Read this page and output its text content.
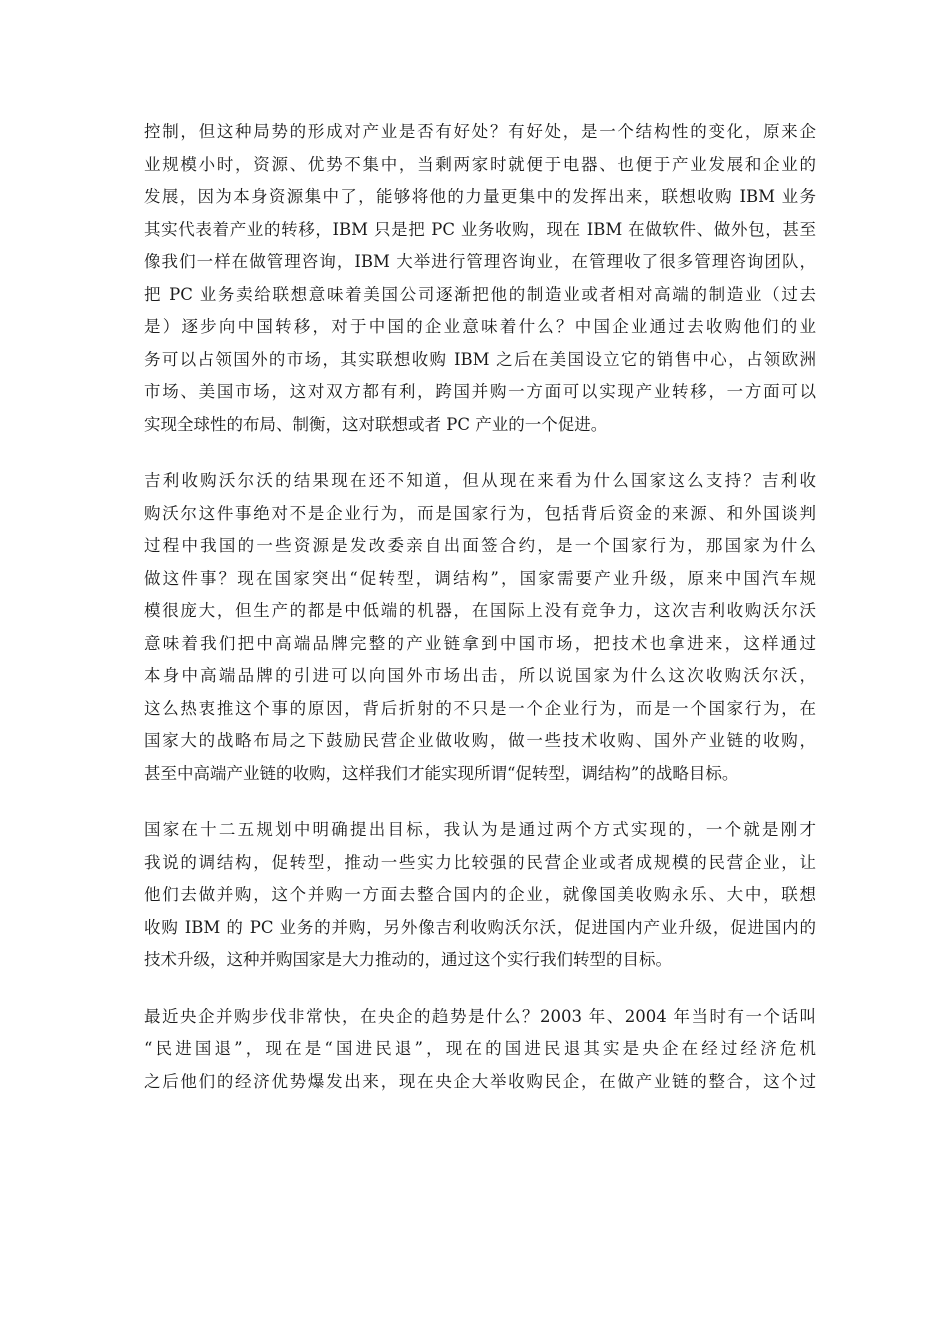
控制，但这种局势的形成对产业是否有好处？有好处，是一个结构性的变化，原来企
业规模小时，资源、优势不集中，当剩两家时就便于电器、也便于产业发展和企业的
发展，因为本身资源集中了，能够将他的力量更集中的发挥出来，联想收购 IBM 业务
其实代表着产业的转移，IBM 只是把 PC 业务收购，现在 IBM 在做软件、做外包，甚至
像我们一样在做管理咨询，IBM 大举进行管理咨询业，在管理收了很多管理咨询团队，
把 PC 业务卖给联想意味着美国公司逐渐把他的制造业或者相对高端的制造业（过去
是）逐步向中国转移，对于中国的企业意味着什么？中国企业通过去收购他们的业
务可以占领国外的市场，其实联想收购 IBM 之后在美国设立它的销售中心，占领欧洲
市场、美国市场，这对双方都有利，跨国并购一方面可以实现产业转移，一方面可以
实现全球性的布局、制衡，这对联想或者 PC 产业的一个促进。
吉利收购沃尔沃的结果现在还不知道，但从现在来看为什么国家这么支持？吉利收
购沃尔这件事绝对不是企业行为，而是国家行为，包括背后资金的来源、和外国谈判
过程中我国的一些资源是发改委亲自出面签合约，是一个国家行为，那国家为什么
做这件事？现在国家突出“促转型，调结构”，国家需要产业升级，原来中国汽车规
模很庞大，但生产的都是中低端的机器，在国际上没有竞争力，这次吉利收购沃尔沃
意味着我们把中高端品牌完整的产业链拿到中国市场，把技术也拿进来，这样通过
本身中高端品牌的引进可以向国外市场出击，所以说国家为什么这次收购沃尔沃，
这么热衷推这个事的原因，背后折射的不只是一个企业行为，而是一个国家行为，在
国家大的战略布局之下鼓励民营企业做收购，做一些技术收购、国外产业链的收购，
甚至中高端产业链的收购，这样我们才能实现所谓“促转型，调结构”的战略目标。
国家在十二五规划中明确提出目标，我认为是通过两个方式实现的，一个就是刚才
我说的调结构，促转型，推动一些实力比较强的民营企业或者成规模的民营企业，让
他们去做并购，这个并购一方面去整合国内的企业，就像国美收购永乐、大中，联想
收购 IBM 的 PC 业务的并购，另外像吉利收购沃尔沃，促进国内产业升级，促进国内的
技术升级，这种并购国家是大力推动的，通过这个实行我们转型的目标。
最近央企并购步伐非常快，在央企的趋势是什么？2003 年、2004 年当时有一个话叫
“民进国退”，现在是“国进民退”，现在的国进民退其实是央企在经过经济危机
之后他们的经济优势爆发出来，现在央企大举收购民企，在做产业链的整合，这个过
